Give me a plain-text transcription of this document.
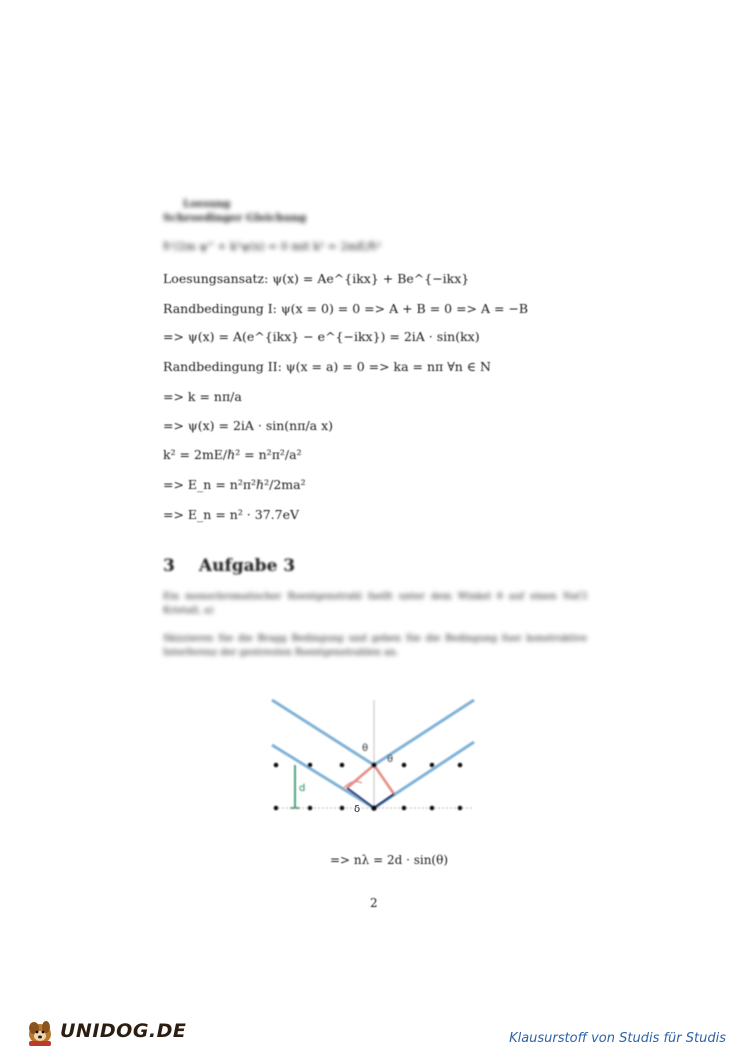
Loesung
Schroedinger Gleichung
ℏ²/2m ψ'' + k²ψ(x) = 0 mit k² = 2mE/ℏ²
Loesungsansatz: ψ(x) = Ae^{ikx} + Be^{−ikx}
Randbedingung I: ψ(x = 0) = 0 => A + B = 0 => A = −B
=> ψ(x) = A(e^{ikx} − e^{−ikx}) = 2iA · sin(kx)
Randbedingung II: ψ(x = a) = 0 => ka = nπ ∀n ∈ N
=> k = nπ/a
=> ψ(x) = 2iA · sin(nπ/a x)
k² = 2mE/ℏ² = n²π²/a²
=> E_n = n²π²ℏ²/2ma²
=> E_n = n² · 37.7eV
3 Aufgabe 3
Ein monochromatischer Roentgenstrahl faellt unter dem Winkel θ auf einen NaCl Kristall, a)
Skizzieren Sie die Bragg Bedingung und geben Sie die Bedingung fuer konstruktive Interferenz der gestreuten Roentgenstrahlen an.
θ
θ
d
δ
=> nλ = 2d · sin(θ)
2
UNIDOG.DE	Klausurstoff von Studis für Studis
